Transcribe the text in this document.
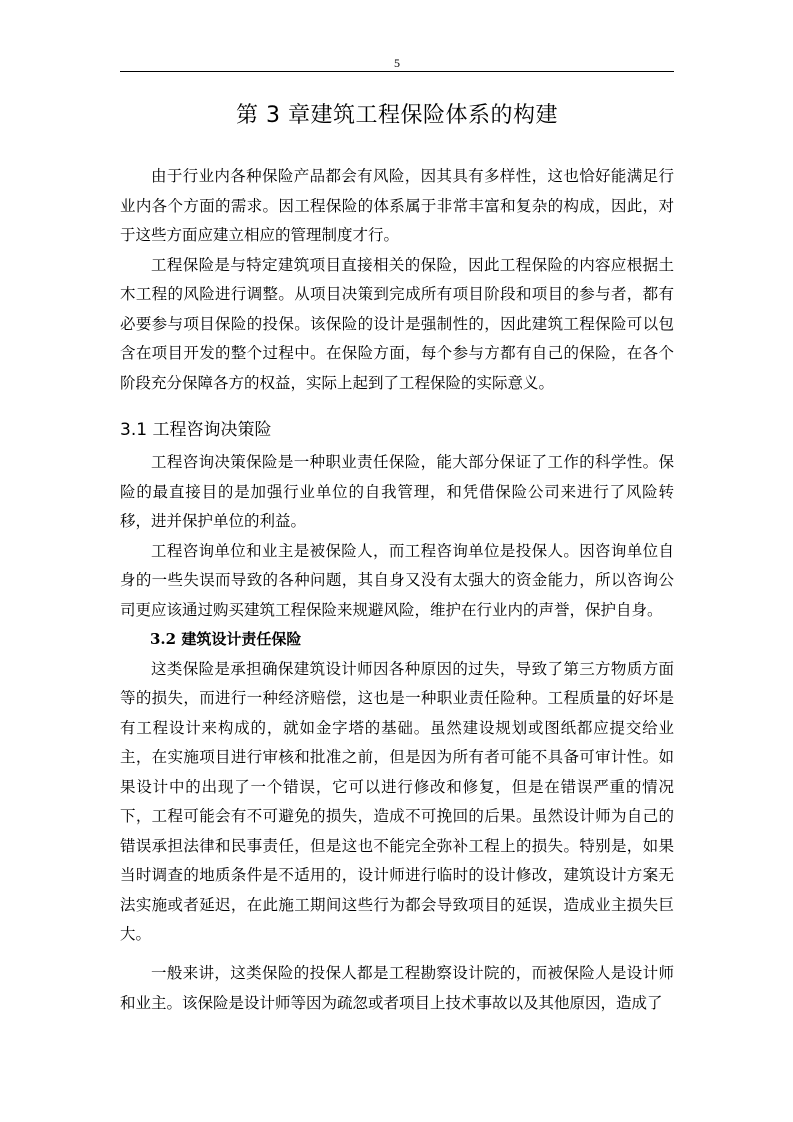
5
第 3 章建筑工程保险体系的构建

由于行业内各种保险产品都会有风险，因其具有多样性，这也恰好能满足行业内各个方面的需求。因工程保险的体系属于非常丰富和复杂的构成，因此，对于这些方面应建立相应的管理制度才行。

工程保险是与特定建筑项目直接相关的保险，因此工程保险的内容应根据土木工程的风险进行调整。从项目决策到完成所有项目阶段和项目的参与者，都有必要参与项目保险的投保。该保险的设计是强制性的，因此建筑工程保险可以包含在项目开发的整个过程中。在保险方面，每个参与方都有自己的保险，在各个阶段充分保障各方的权益，实际上起到了工程保险的实际意义。

3.1 工程咨询决策险

工程咨询决策保险是一种职业责任保险，能大部分保证了工作的科学性。保险的最直接目的是加强行业单位的自我管理，和凭借保险公司来进行了风险转移，进并保护单位的利益。

工程咨询单位和业主是被保险人，而工程咨询单位是投保人。因咨询单位自身的一些失误而导致的各种问题，其自身又没有太强大的资金能力，所以咨询公司更应该通过购买建筑工程保险来规避风险，维护在行业内的声誉，保护自身。

3.2 建筑设计责任保险

这类保险是承担确保建筑设计师因各种原因的过失，导致了第三方物质方面等的损失，而进行一种经济赔偿，这也是一种职业责任险种。工程质量的好坏是有工程设计来构成的，就如金字塔的基础。虽然建设规划或图纸都应提交给业主，在实施项目进行审核和批准之前，但是因为所有者可能不具备可审计性。如果设计中的出现了一个错误，它可以进行修改和修复，但是在错误严重的情况下，工程可能会有不可避免的损失，造成不可挽回的后果。虽然设计师为自己的错误承担法律和民事责任，但是这也不能完全弥补工程上的损失。特别是，如果当时调查的地质条件是不适用的，设计师进行临时的设计修改，建筑设计方案无法实施或者延迟，在此施工期间这些行为都会导致项目的延误，造成业主损失巨大。

一般来讲，这类保险的投保人都是工程勘察设计院的，而被保险人是设计师和业主。该保险是设计师等因为疏忽或者项目上技术事故以及其他原因，造成了
